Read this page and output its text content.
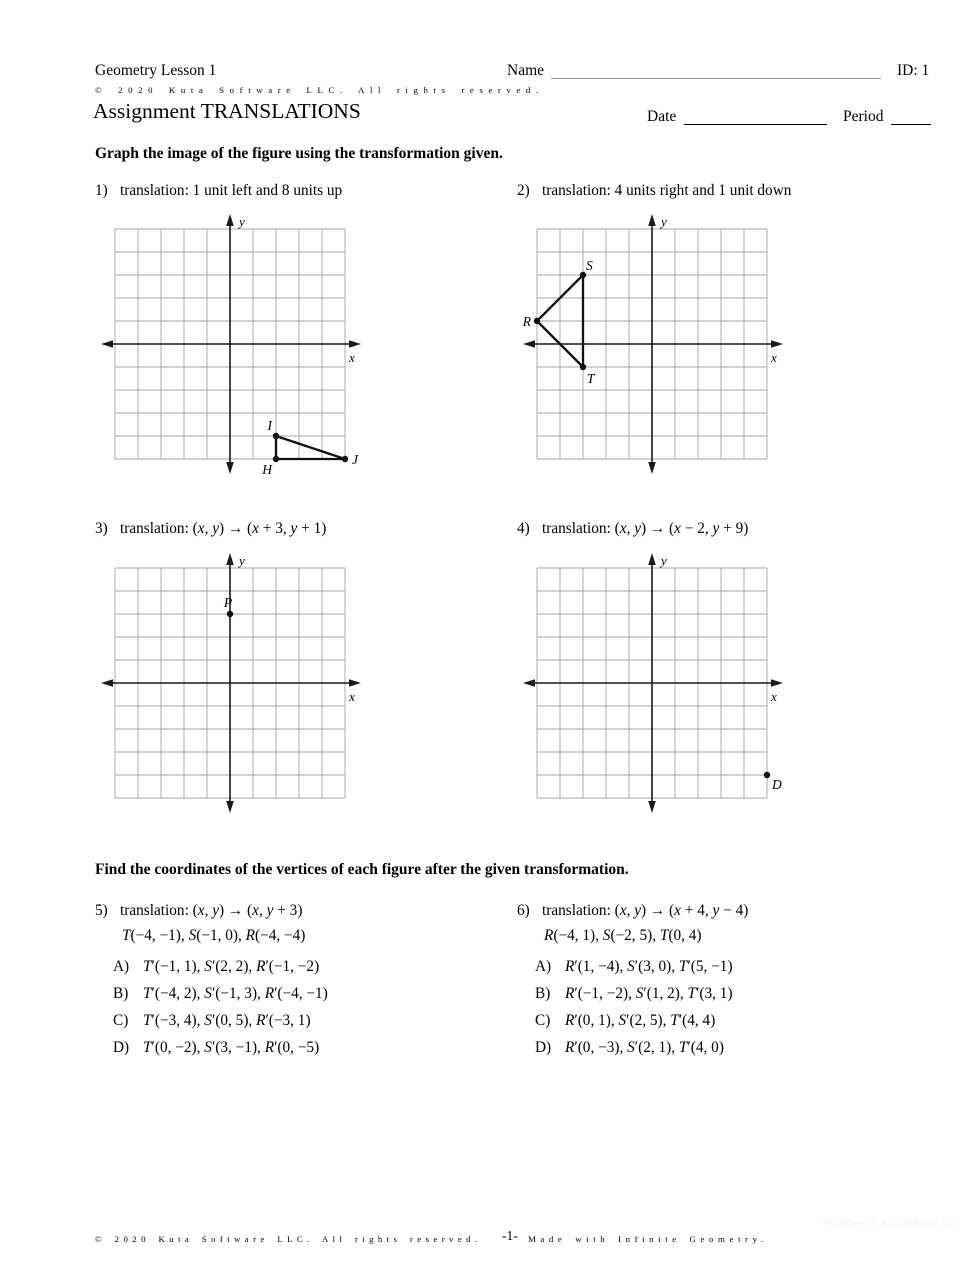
Geometry Lesson 1	Name	ID: 1
© 2020 Kuta Software LLC. All rights reserved.
Assignment TRANSLATIONS	Date	Period
Graph the image of the figure using the transformation given.
1) translation: 1 unit left and 8 units up	2) translation: 4 units right and 1 unit down
x
y
H
I
J
x
y
R
S
T
3) translation: (x, y) → (x + 3, y + 1)	4) translation: (x, y) → (x − 2, y + 9)
x
y
P
x
y
D
Find the coordinates of the vertices of each figure after the given transformation.
5) translation: (x, y) → (x, y + 3)
T(−4, −1), S(−1, 0), R(−4, −4)
A) T′(−1, 1), S′(2, 2), R′(−1, −2)
B) T′(−4, 2), S′(−1, 3), R′(−4, −1)
C) T′(−3, 4), S′(0, 5), R′(−3, 1)
D) T′(0, −2), S′(3, −1), R′(0, −5)
6) translation: (x, y) → (x + 4, y − 4)
R(−4, 1), S(−2, 5), T(0, 4)
A) R′(1, −4), S′(3, 0), T′(5, −1)
B) R′(−1, −2), S′(1, 2), T′(3, 1)
C) R′(0, 1), S′(2, 5), T′(4, 4)
D) R′(0, −3), S′(2, 1), T′(4, 0)
Worksheet by Kuta Software LLC
© 2020 Kuta Software LLC. All rights reserved. -1- Made with Infinite Geometry.
